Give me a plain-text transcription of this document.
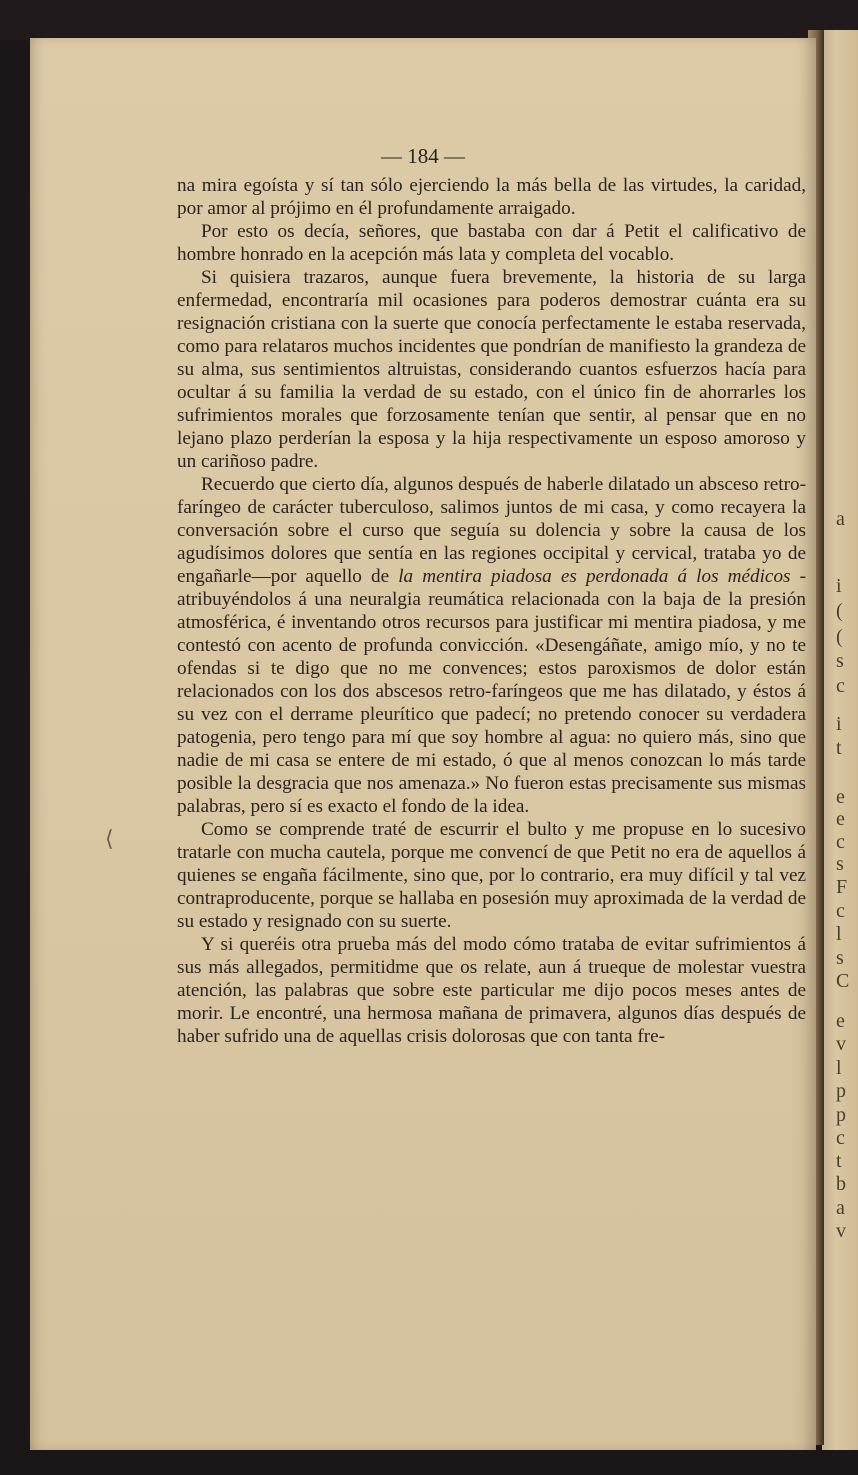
a
i
(
(
s
c
i
t
e
e
c
s
F
c
l
s
C
e
v
l
p
p
c
t
b
a
v
— 184 —

na mira egoísta y sí tan sólo ejerciendo la más bella de las virtudes, la caridad, por amor al prójimo en él profundamente arraigado.

Por esto os decía, señores, que bastaba con dar á Petit el calificativo de hombre honrado en la acepción más lata y completa del vocablo.

Si quisiera trazaros, aunque fuera brevemente, la historia de su larga enfermedad, encontraría mil ocasiones para poderos demostrar cuánta era su resignación cristiana con la suerte que conocía perfectamente le estaba reservada, como para relataros muchos incidentes que pondrían de manifiesto la grandeza de su alma, sus sentimientos altruistas, considerando cuantos esfuerzos hacía para ocultar á su familia la verdad de su estado, con el único fin de ahorrarles los sufrimientos morales que forzosamente tenían que sentir, al pensar que en no lejano plazo perderían la esposa y la hija respectivamente un esposo amoroso y un cariñoso padre.

Recuerdo que cierto día, algunos después de haberle dilatado un absceso retro-faríngeo de carácter tuberculoso, salimos juntos de mi casa, y como recayera la conversación sobre el curso que seguía su dolencia y sobre la causa de los agudísimos dolores que sentía en las regiones occipital y cervical, trataba yo de engañarle—por aquello de la mentira piadosa es perdonada á los médicos - atribuyéndolos á una neuralgia reumática relacionada con la baja de la presión atmosférica, é inventando otros recursos para justificar mi mentira piadosa, y me contestó con acento de profunda convicción. «Desengáñate, amigo mío, y no te ofendas si te digo que no me convences; estos paroxismos de dolor están relacionados con los dos abscesos retro-faríngeos que me has dilatado, y éstos á su vez con el derrame pleurítico que padecí; no pretendo conocer su verdadera patogenia, pero tengo para mí que soy hombre al agua: no quiero más, sino que nadie de mi casa se entere de mi estado, ó que al menos conozcan lo más tarde posible la desgracia que nos amenaza.» No fueron estas precisamente sus mismas palabras, pero sí es exacto el fondo de la idea.

Como se comprende traté de escurrir el bulto y me propuse en lo sucesivo tratarle con mucha cautela, porque me convencí de que Petit no era de aquellos á quienes se engaña fácilmente, sino que, por lo contrario, era muy difícil y tal vez contraproducente, porque se hallaba en posesión muy aproximada de la verdad de su estado y resignado con su suerte.

Y si queréis otra prueba más del modo cómo trataba de evitar sufrimientos á sus más allegados, permitidme que os relate, aun á trueque de molestar vuestra atención, las palabras que sobre este particular me dijo pocos meses antes de morir. Le encontré, una hermosa mañana de primavera, algunos días después de haber sufrido una de aquellas crisis dolorosas que con tanta fre-

⟨
